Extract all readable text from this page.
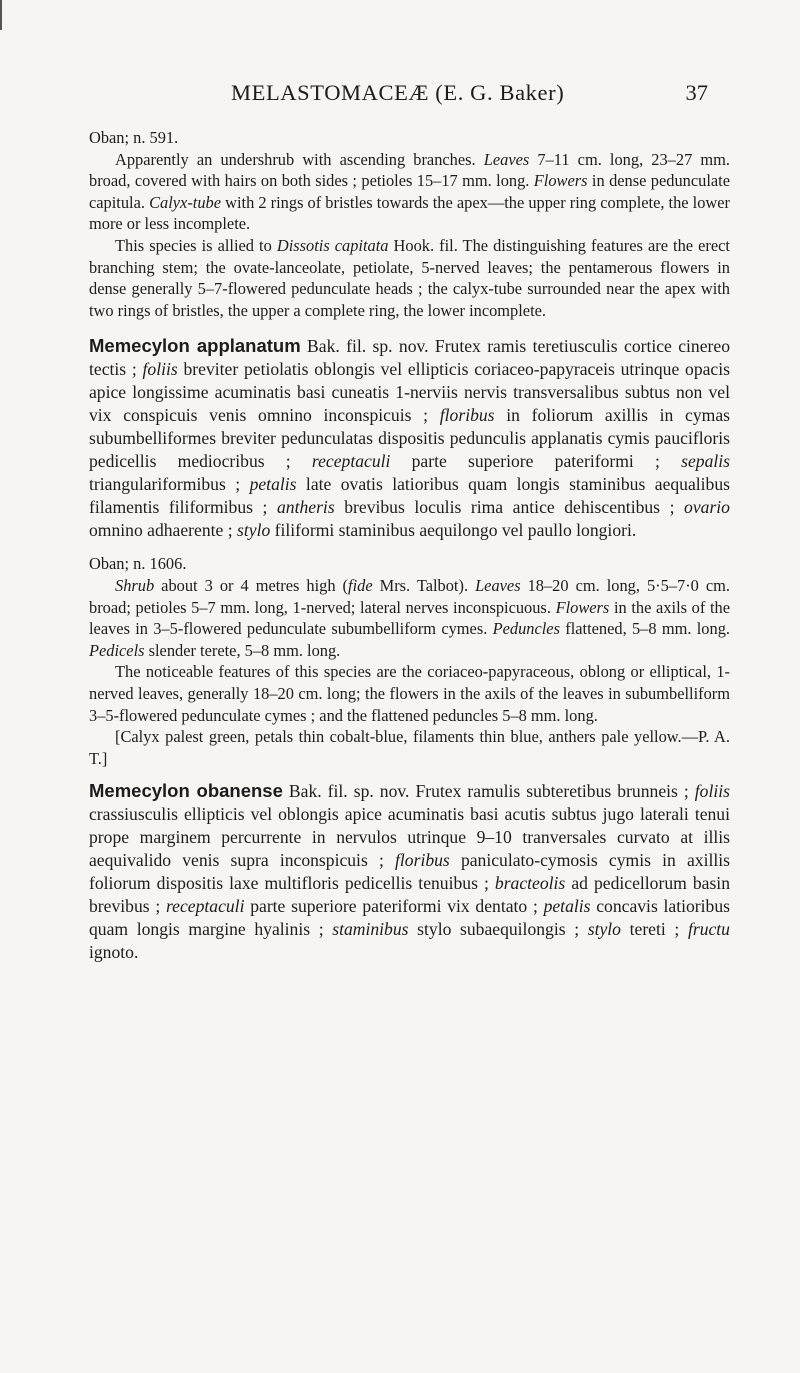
MELASTOMACEÆ (E. G. Baker)	37

Oban; n. 591.

Apparently an undershrub with ascending branches. Leaves 7–11 cm. long, 23–27 mm. broad, covered with hairs on both sides ; petioles 15–17 mm. long. Flowers in dense pedunculate capitula. Calyx-tube with 2 rings of bristles towards the apex—the upper ring complete, the lower more or less incomplete.

This species is allied to Dissotis capitata Hook. fil. The distinguishing features are the erect branching stem; the ovate-lanceolate, petiolate, 5-nerved leaves; the pentamerous flowers in dense generally 5–7-flowered pedunculate heads ; the calyx-tube surrounded near the apex with two rings of bristles, the upper a complete ring, the lower incomplete.

Memecylon applanatum Bak. fil. sp. nov. Frutex ramis teretiusculis cortice cinereo tectis ; foliis breviter petiolatis oblongis vel ellipticis coriaceo-papyraceis utrinque opacis apice longissime acuminatis basi cuneatis 1-nerviis nervis transversalibus subtus non vel vix conspicuis venis omnino inconspicuis ; floribus in foliorum axillis in cymas subumbelliformes breviter pedunculatas dispositis pedunculis applanatis cymis paucifloris pedicellis mediocribus ; receptaculi parte superiore pateriformi ; sepalis triangulariformibus ; petalis late ovatis latioribus quam longis staminibus aequalibus filamentis filiformibus ; antheris brevibus loculis rima antice dehiscentibus ; ovario omnino adhaerente ; stylo filiformi staminibus aequilongo vel paullo longiori.

Oban; n. 1606.

Shrub about 3 or 4 metres high (fide Mrs. Talbot). Leaves 18–20 cm. long, 5·5–7·0 cm. broad; petioles 5–7 mm. long, 1-nerved; lateral nerves inconspicuous. Flowers in the axils of the leaves in 3–5-flowered pedunculate subumbelliform cymes. Peduncles flattened, 5–8 mm. long. Pedicels slender terete, 5–8 mm. long.

The noticeable features of this species are the coriaceo-papyraceous, oblong or elliptical, 1-nerved leaves, generally 18–20 cm. long; the flowers in the axils of the leaves in subumbelliform 3–5-flowered pedunculate cymes ; and the flattened peduncles 5–8 mm. long.

[Calyx palest green, petals thin cobalt-blue, filaments thin blue, anthers pale yellow.—P. A. T.]

Memecylon obanense Bak. fil. sp. nov. Frutex ramulis subteretibus brunneis ; foliis crassiusculis ellipticis vel oblongis apice acuminatis basi acutis subtus jugo laterali tenui prope marginem percurrente in nervulos utrinque 9–10 tranversales curvato at illis aequivalido venis supra inconspicuis ; floribus paniculato-cymosis cymis in axillis foliorum dispositis laxe multifloris pedicellis tenuibus ; bracteolis ad pedicellorum basin brevibus ; receptaculi parte superiore pateriformi vix dentato ; petalis concavis latioribus quam longis margine hyalinis ; staminibus stylo subaequilongis ; stylo tereti ; fructu ignoto.
